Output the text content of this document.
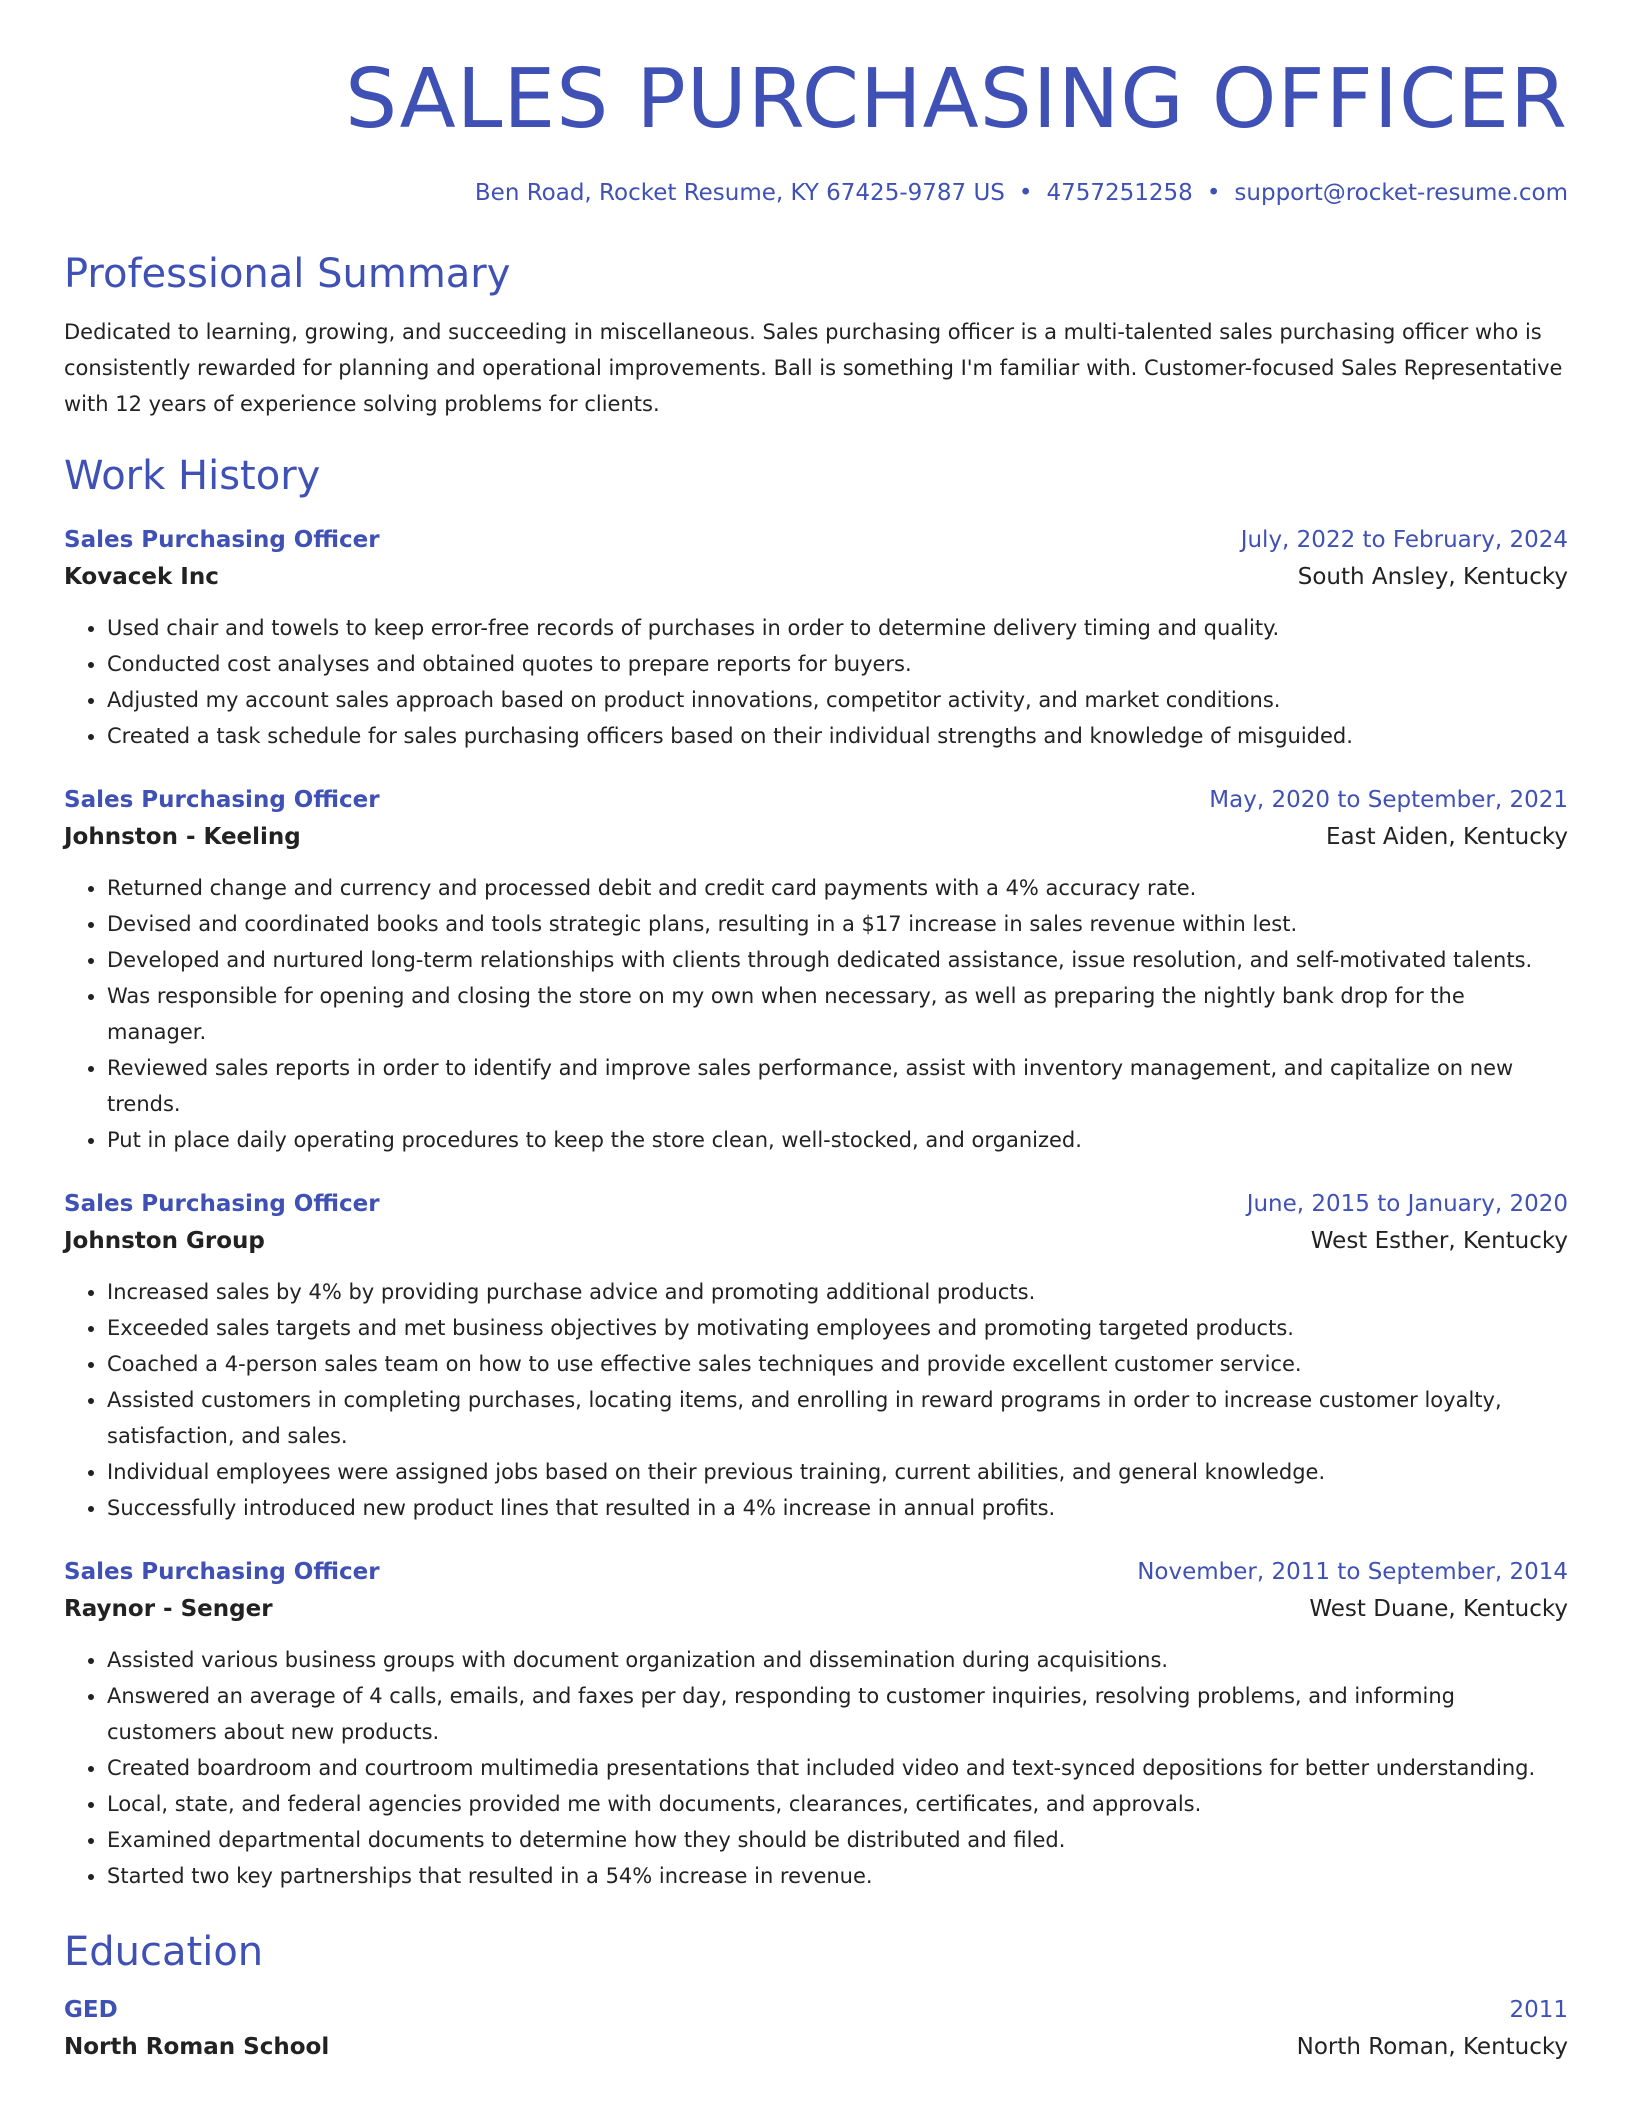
SALES PURCHASING OFFICER
Ben Road, Rocket Resume, KY 67425-9787 US • 4757251258 • support@rocket-resume.com
Professional Summary
Dedicated to learning, growing, and succeeding in miscellaneous. Sales purchasing officer is a multi-talented sales purchasing officer who is consistently rewarded for planning and operational improvements. Ball is something I'm familiar with. Customer-focused Sales Representative with 12 years of experience solving problems for clients.
Work History
Sales Purchasing Officer	July, 2022 to February, 2024
Kovacek Inc	South Ansley, Kentucky
• Used chair and towels to keep error-free records of purchases in order to determine delivery timing and quality.
• Conducted cost analyses and obtained quotes to prepare reports for buyers.
• Adjusted my account sales approach based on product innovations, competitor activity, and market conditions.
• Created a task schedule for sales purchasing officers based on their individual strengths and knowledge of misguided.
Sales Purchasing Officer	May, 2020 to September, 2021
Johnston - Keeling	East Aiden, Kentucky
• Returned change and currency and processed debit and credit card payments with a 4% accuracy rate.
• Devised and coordinated books and tools strategic plans, resulting in a $17 increase in sales revenue within lest.
• Developed and nurtured long-term relationships with clients through dedicated assistance, issue resolution, and self-motivated talents.
• Was responsible for opening and closing the store on my own when necessary, as well as preparing the nightly bank drop for the manager.
• Reviewed sales reports in order to identify and improve sales performance, assist with inventory management, and capitalize on new trends.
• Put in place daily operating procedures to keep the store clean, well-stocked, and organized.
Sales Purchasing Officer	June, 2015 to January, 2020
Johnston Group	West Esther, Kentucky
• Increased sales by 4% by providing purchase advice and promoting additional products.
• Exceeded sales targets and met business objectives by motivating employees and promoting targeted products.
• Coached a 4-person sales team on how to use effective sales techniques and provide excellent customer service.
• Assisted customers in completing purchases, locating items, and enrolling in reward programs in order to increase customer loyalty, satisfaction, and sales.
• Individual employees were assigned jobs based on their previous training, current abilities, and general knowledge.
• Successfully introduced new product lines that resulted in a 4% increase in annual profits.
Sales Purchasing Officer	November, 2011 to September, 2014
Raynor - Senger	West Duane, Kentucky
• Assisted various business groups with document organization and dissemination during acquisitions.
• Answered an average of 4 calls, emails, and faxes per day, responding to customer inquiries, resolving problems, and informing customers about new products.
• Created boardroom and courtroom multimedia presentations that included video and text-synced depositions for better understanding.
• Local, state, and federal agencies provided me with documents, clearances, certificates, and approvals.
• Examined departmental documents to determine how they should be distributed and filed.
• Started two key partnerships that resulted in a 54% increase in revenue.
Education
GED	2011
North Roman School	North Roman, Kentucky
